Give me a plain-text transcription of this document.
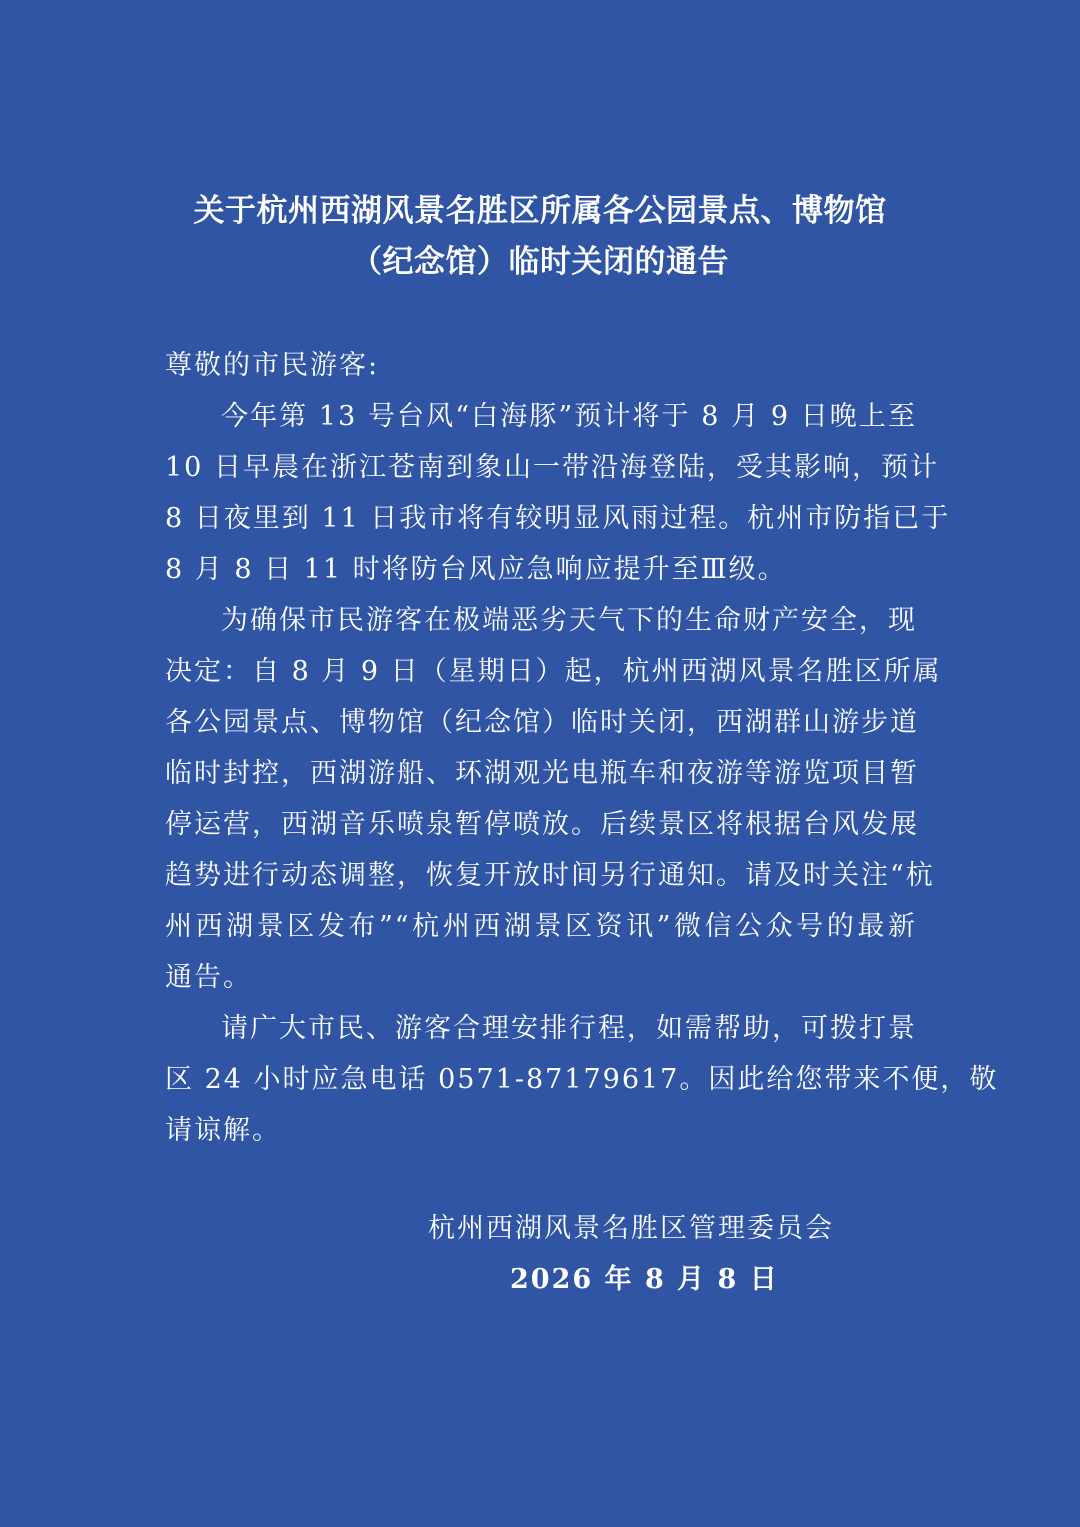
关于杭州西湖风景名胜区所属各公园景点、博物馆
（纪念馆）临时关闭的通告
尊敬的市民游客:

今年第 13 号台风“白海豚”预计将于 8 月 9 日晚上至
10 日早晨在浙江苍南到象山一带沿海登陆，受其影响，预计
8 日夜里到 11 日我市将有较明显风雨过程。杭州市防指已于
8 月 8 日 11 时将防台风应急响应提升至Ⅲ级。

为确保市民游客在极端恶劣天气下的生命财产安全，现
决定：自 8 月 9 日（星期日）起，杭州西湖风景名胜区所属
各公园景点、博物馆（纪念馆）临时关闭，西湖群山游步道
临时封控，西湖游船、环湖观光电瓶车和夜游等游览项目暂
停运营，西湖音乐喷泉暂停喷放。后续景区将根据台风发展
趋势进行动态调整，恢复开放时间另行通知。请及时关注“杭
州西湖景区发布”“杭州西湖景区资讯”微信公众号的最新
通告。

请广大市民、游客合理安排行程，如需帮助，可拨打景
区 24 小时应急电话 0571-87179617。因此给您带来不便，敬
请谅解。

杭州西湖风景名胜区管理委员会
2026 年 8 月 8 日
